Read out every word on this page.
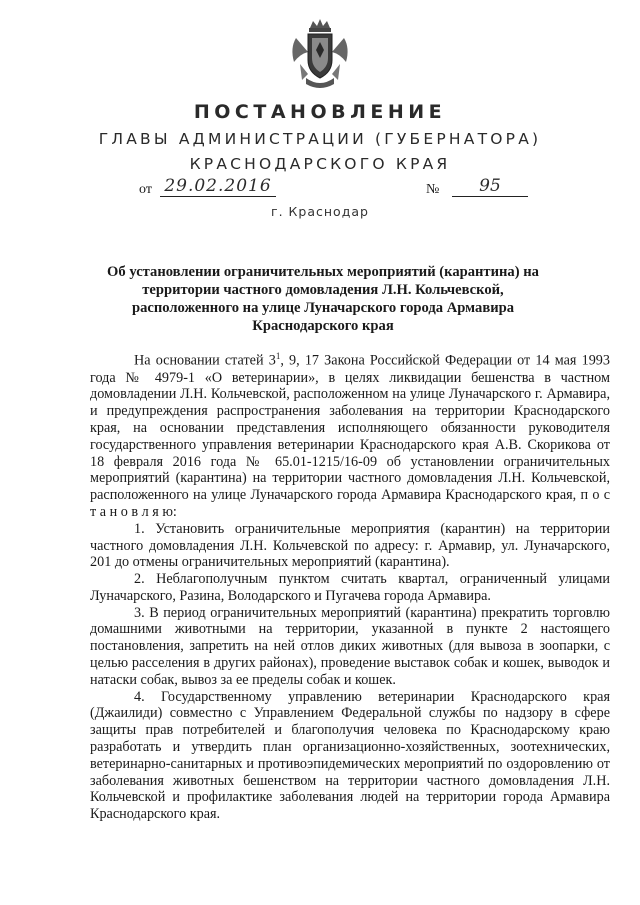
ПОСТАНОВЛЕНИЕ
ГЛАВЫ АДМИНИСТРАЦИИ (ГУБЕРНАТОРА)
КРАСНОДАРСКОГО КРАЯ
от 29.02.2016	№	95
г. Краснодар
Об установлении ограничительных мероприятий (карантина) на территории частного домовладения Л.Н. Кольчевской, расположенного на улице Луначарского города Армавира Краснодарского края

На основании статей $3^1$, 9, 17 Закона Российской Федерации от 14 мая 1993 года № 4979-1 «О ветеринарии», в целях ликвидации бешенства в частном домовладении Л.Н. Кольчевской, расположенном на улице Луначарского г. Армавира, и предупреждения распространения заболевания на территории Краснодарского края, на основании представления исполняющего обязанности руководителя государственного управления ветеринарии Краснодарского края А.В. Скорикова от 18 февраля 2016 года № 65.01-1215/16-09 об установлении ограничительных мероприятий (карантина) на территории частного домовладения Л.Н. Кольчевской, расположенного на улице Луначарского города Армавира Краснодарского края, п о с т а н о в л я ю:

1. Установить ограничительные мероприятия (карантин) на территории частного домовладения Л.Н. Кольчевской по адресу: г. Армавир, ул. Луначарского, 201 до отмены ограничительных мероприятий (карантина).

2. Неблагополучным пунктом считать квартал, ограниченный улицами Луначарского, Разина, Володарского и Пугачева города Армавира.

3. В период ограничительных мероприятий (карантина) прекратить торговлю домашними животными на территории, указанной в пункте 2 настоящего постановления, запретить на ней отлов диких животных (для вывоза в зоопарки, с целью расселения в других районах), проведение выставок собак и кошек, выводок и натаски собак, вывоз за ее пределы собак и кошек.

4. Государственному управлению ветеринарии Краснодарского края (Джаилиди) совместно с Управлением Федеральной службы по надзору в сфере защиты прав потребителей и благополучия человека по Краснодарскому краю разработать и утвердить план организационно-хозяйственных, зоотехнических, ветеринарно-санитарных и противоэпидемических мероприятий по оздоровлению от заболевания животных бешенством на территории частного домовладения Л.Н. Кольчевской и профилактике заболевания людей на территории города Армавира Краснодарского края.
